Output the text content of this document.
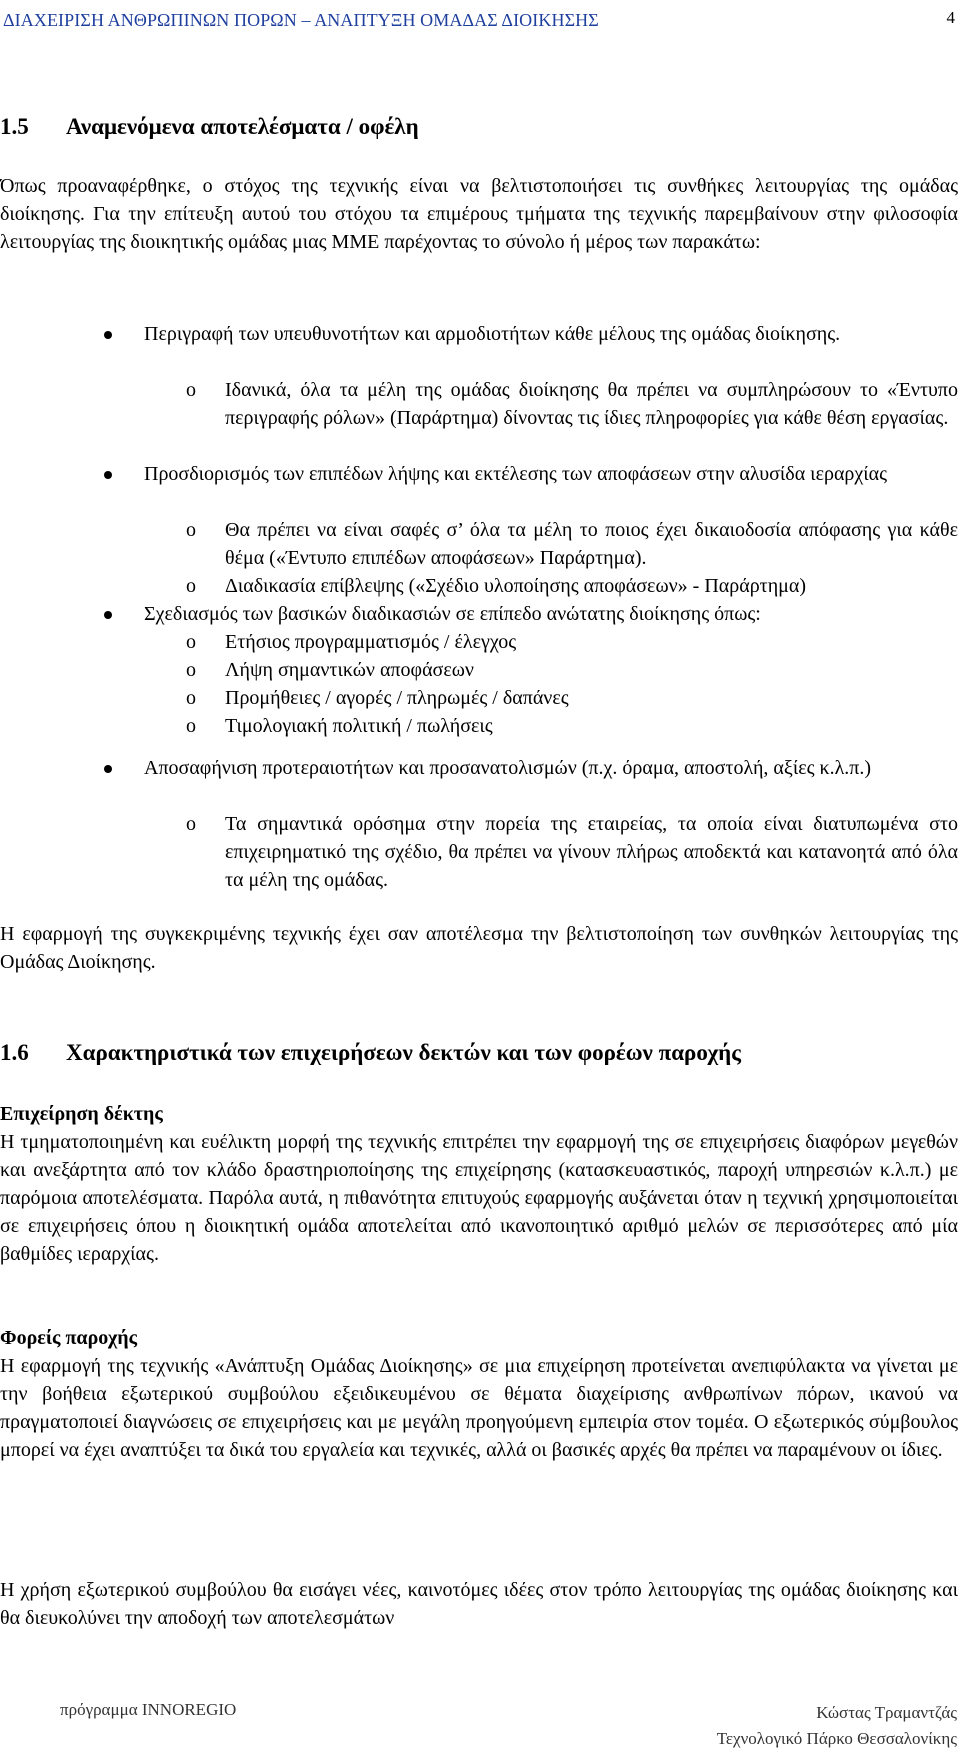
ΔΙΑΧΕΙΡΙΣΗ ΑΝΘΡΩΠΙΝΩΝ ΠΟΡΩΝ – ΑΝΑΠΤΥΞΗ ΟΜΑΔΑΣ ΔΙΟΙΚΗΣΗΣ	4
1.5 Αναμενόμενα αποτελέσματα / οφέλη
Όπως προαναφέρθηκε, ο στόχος της τεχνικής είναι να βελτιστοποιήσει τις συνθήκες λειτουργίας της ομάδας διοίκησης. Για την επίτευξη αυτού του στόχου τα επιμέρους τμήματα της τεχνικής παρεμβαίνουν στην φιλοσοφία λειτουργίας της διοικητικής ομάδας μιας ΜΜΕ παρέχοντας το σύνολο ή μέρος των παρακάτω:
Περιγραφή των υπευθυνοτήτων και αρμοδιοτήτων κάθε μέλους της ομάδας διοίκησης.
o Ιδανικά, όλα τα μέλη της ομάδας διοίκησης θα πρέπει να συμπληρώσουν το «Έντυπο περιγραφής ρόλων» (Παράρτημα) δίνοντας τις ίδιες πληροφορίες για κάθε θέση εργασίας.
Προσδιορισμός των επιπέδων λήψης και εκτέλεσης των αποφάσεων στην αλυσίδα ιεραρχίας
o Θα πρέπει να είναι σαφές σ’ όλα τα μέλη το ποιος έχει δικαιοδοσία απόφασης για κάθε θέμα («Έντυπο επιπέδων αποφάσεων» Παράρτημα).
o Διαδικασία επίβλεψης («Σχέδιο υλοποίησης αποφάσεων» - Παράρτημα)
Σχεδιασμός των βασικών διαδικασιών σε επίπεδο ανώτατης διοίκησης όπως:
o Ετήσιος προγραμματισμός / έλεγχος
o Λήψη σημαντικών αποφάσεων
o Προμήθειες / αγορές / πληρωμές / δαπάνες
o Τιμολογιακή πολιτική / πωλήσεις
Αποσαφήνιση προτεραιοτήτων και προσανατολισμών (π.χ. όραμα, αποστολή, αξίες κ.λ.π.)
o Τα σημαντικά ορόσημα στην πορεία της εταιρείας, τα οποία είναι διατυπωμένα στο επιχειρηματικό της σχέδιο, θα πρέπει να γίνουν πλήρως αποδεκτά και κατανοητά από όλα τα μέλη της ομάδας.
Η εφαρμογή της συγκεκριμένης τεχνικής έχει σαν αποτέλεσμα την βελτιστοποίηση των συνθηκών λειτουργίας της Ομάδας Διοίκησης.
1.6 Χαρακτηριστικά των επιχειρήσεων δεκτών και των φορέων παροχής
Επιχείρηση δέκτης
Η τμηματοποιημένη και ευέλικτη μορφή της τεχνικής επιτρέπει την εφαρμογή της σε επιχειρήσεις διαφόρων μεγεθών και ανεξάρτητα από τον κλάδο δραστηριοποίησης της επιχείρησης (κατασκευαστικός, παροχή υπηρεσιών κ.λ.π.) με παρόμοια αποτελέσματα. Παρόλα αυτά, η πιθανότητα επιτυχούς εφαρμογής αυξάνεται όταν η τεχνική χρησιμοποιείται σε επιχειρήσεις όπου η διοικητική ομάδα αποτελείται από ικανοποιητικό αριθμό μελών σε περισσότερες από μία βαθμίδες ιεραρχίας.
Φορείς παροχής
Η εφαρμογή της τεχνικής «Ανάπτυξη Ομάδας Διοίκησης» σε μια επιχείρηση προτείνεται ανεπιφύλακτα να γίνεται με την βοήθεια εξωτερικού συμβούλου εξειδικευμένου σε θέματα διαχείρισης ανθρωπίνων πόρων, ικανού να πραγματοποιεί διαγνώσεις σε επιχειρήσεις και με μεγάλη προηγούμενη εμπειρία στον τομέα. Ο εξωτερικός σύμβουλος μπορεί να έχει αναπτύξει τα δικά του εργαλεία και τεχνικές, αλλά οι βασικές αρχές θα πρέπει να παραμένουν οι ίδιες.
Η χρήση εξωτερικού συμβούλου θα εισάγει νέες, καινοτόμες ιδέες στον τρόπο λειτουργίας της ομάδας διοίκησης και θα διευκολύνει την αποδοχή των αποτελεσμάτων
πρόγραμμα INNOREGIO	Κώστας Τραμαντζάς
Τεχνολογικό Πάρκο Θεσσαλονίκης
